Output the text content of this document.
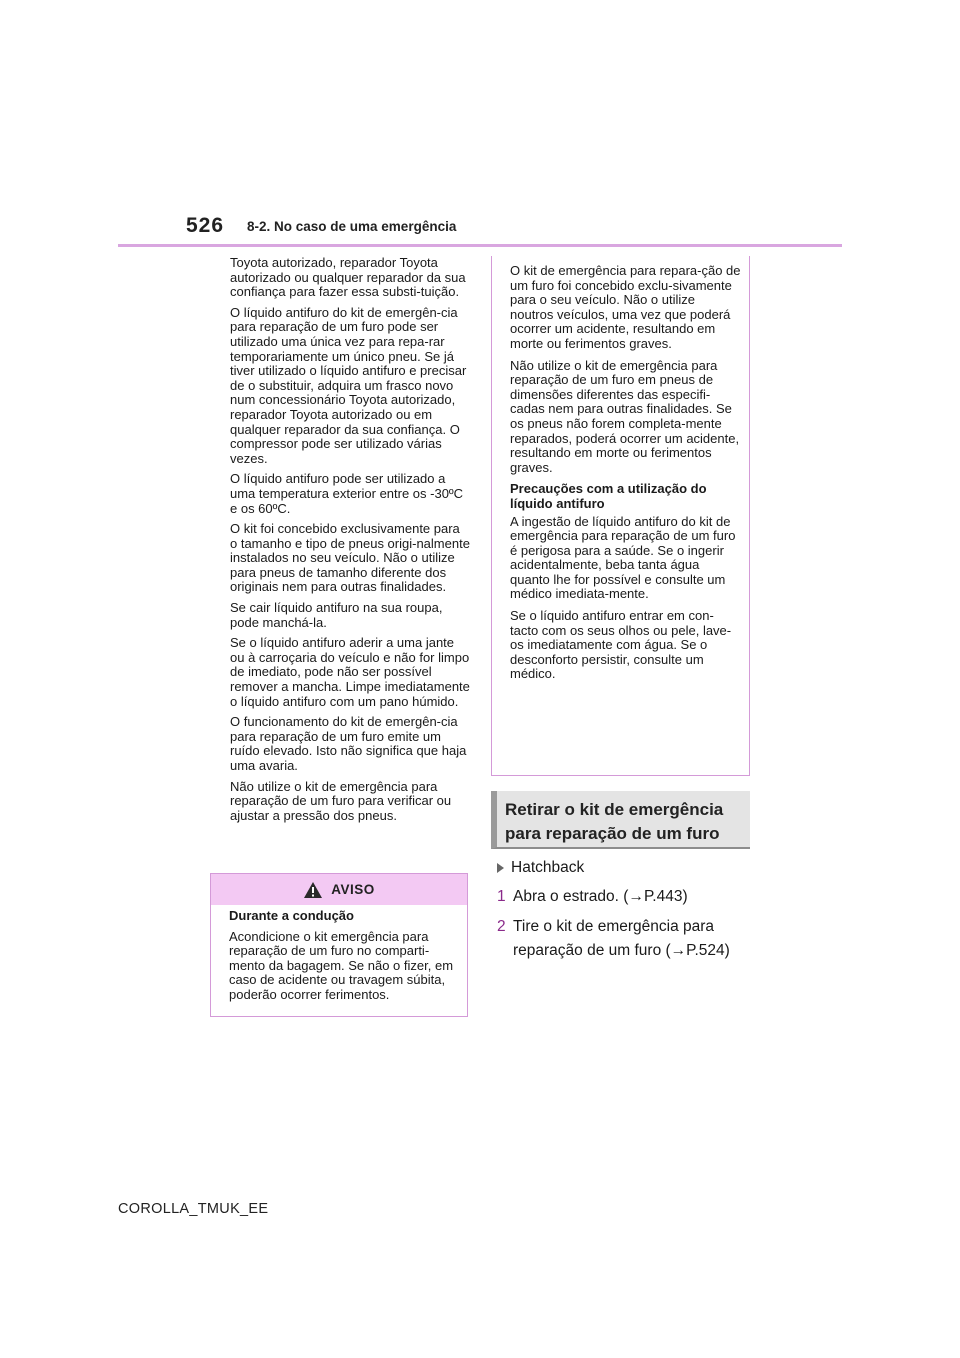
526 8-2. No caso de uma emergência

Toyota autorizado, reparador Toyota autorizado ou qualquer reparador da sua confiança para fazer essa substi-tuição.

O líquido antifuro do kit de emergên-cia para reparação de um furo pode ser utilizado uma única vez para repa-rar temporariamente um único pneu. Se já tiver utilizado o líquido antifuro e precisar de o substituir, adquira um frasco novo num concessionário Toyota autorizado, reparador Toyota autorizado ou em qualquer reparador da sua confiança. O compressor pode ser utilizado várias vezes.

O líquido antifuro pode ser utilizado a uma temperatura exterior entre os -30ºC e os 60ºC.

O kit foi concebido exclusivamente para o tamanho e tipo de pneus origi-nalmente instalados no seu veículo. Não o utilize para pneus de tamanho diferente dos originais nem para outras finalidades.

Se cair líquido antifuro na sua roupa, pode manchá-la.

Se o líquido antifuro aderir a uma jante ou à carroçaria do veículo e não for limpo de imediato, pode não ser possível remover a mancha. Limpe imediatamente o líquido antifuro com um pano húmido.

O funcionamento do kit de emergên-cia para reparação de um furo emite um ruído elevado. Isto não significa que haja uma avaria.

Não utilize o kit de emergência para reparação de um furo para verificar ou ajustar a pressão dos pneus.

AVISO

Durante a condução

Acondicione o kit emergência para reparação de um furo no comparti-mento da bagagem. Se não o fizer, em caso de acidente ou travagem súbita, poderão ocorrer ferimentos.

O kit de emergência para repara-ção de um furo foi concebido exclu-sivamente para o seu veículo. Não o utilize noutros veículos, uma vez que poderá ocorrer um acidente, resultando em morte ou ferimentos graves.

Não utilize o kit de emergência para reparação de um furo em pneus de dimensões diferentes das especifi-cadas nem para outras finalidades. Se os pneus não forem completa-mente reparados, poderá ocorrer um acidente, resultando em morte ou ferimentos graves.

Precauções com a utilização do líquido antifuro

A ingestão de líquido antifuro do kit de emergência para reparação de um furo é perigosa para a saúde. Se o ingerir acidentalmente, beba tanta água quanto lhe for possível e consulte um médico imediata-mente.

Se o líquido antifuro entrar em con-tacto com os seus olhos ou pele, lave-os imediatamente com água. Se o desconforto persistir, consulte um médico.

Retirar o kit de emergência para reparação de um furo
Hatchback
1 Abra o estrado. (→P.443)
2 Tire o kit de emergência para reparação de um furo (→P.524)
COROLLA_TMUK_EE
